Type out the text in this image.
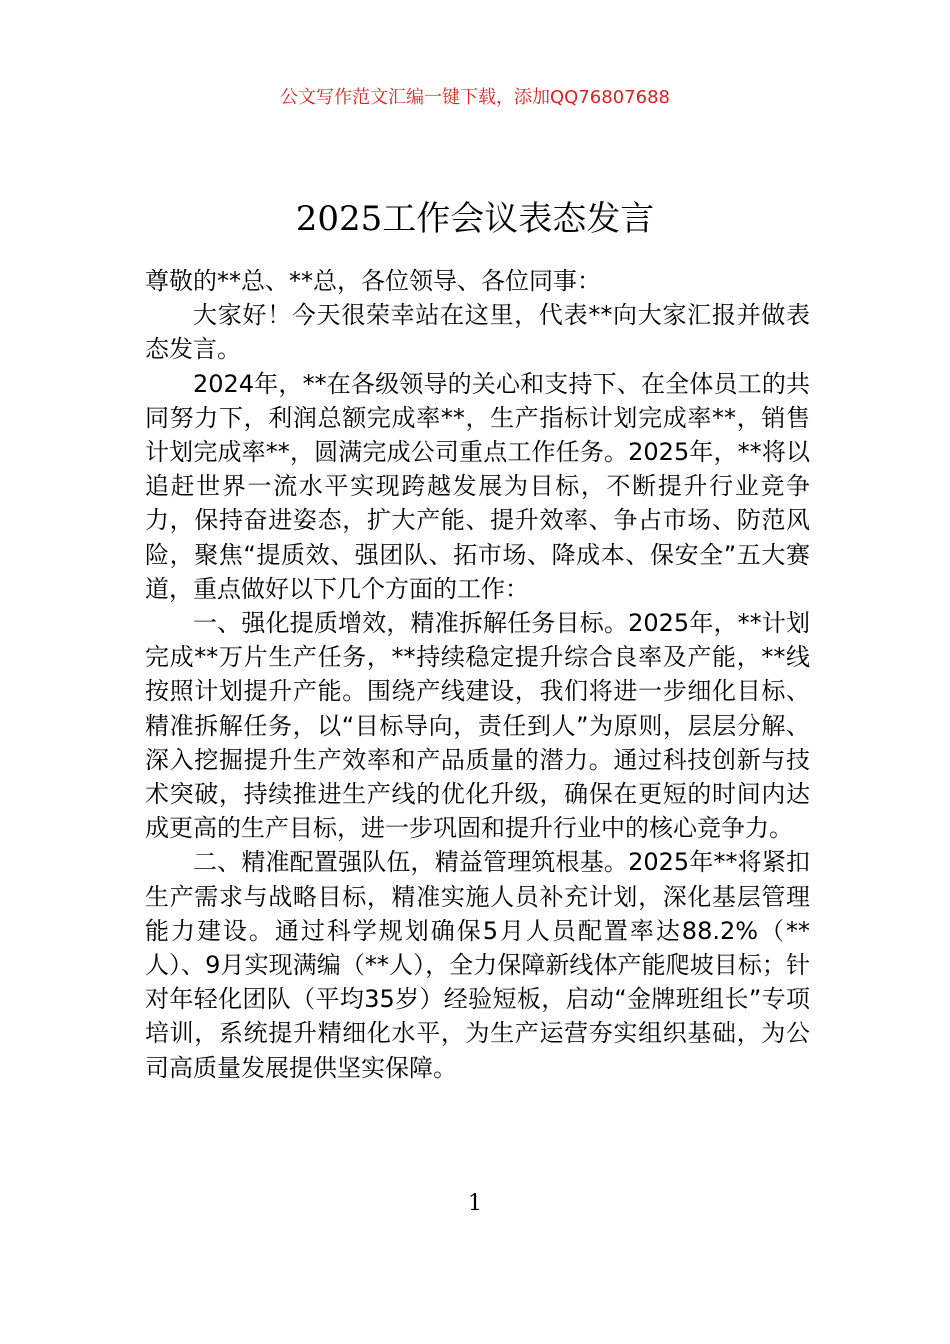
公文写作范文汇编一键下载，添加QQ76807688
2025工作会议表态发言

尊敬的**总、**总，各位领导、各位同事：

大家好！今天很荣幸站在这里，代表**向大家汇报并做表态发言。

2024年，**在各级领导的关心和支持下、在全体员工的共同努力下，利润总额完成率**，生产指标计划完成率**，销售计划完成率**，圆满完成公司重点工作任务。2025年，**将以追赶世界一流水平实现跨越发展为目标，不断提升行业竞争力，保持奋进姿态，扩大产能、提升效率、争占市场、防范风险，聚焦“提质效、强团队、拓市场、降成本、保安全”五大赛道，重点做好以下几个方面的工作：

一、强化提质增效，精准拆解任务目标。2025年，**计划完成**万片生产任务，**持续稳定提升综合良率及产能，**线按照计划提升产能。围绕产线建设，我们将进一步细化目标、精准拆解任务，以“目标导向，责任到人”为原则，层层分解、深入挖掘提升生产效率和产品质量的潜力。通过科技创新与技术突破，持续推进生产线的优化升级，确保在更短的时间内达成更高的生产目标，进一步巩固和提升行业中的核心竞争力。

二、精准配置强队伍，精益管理筑根基。2025年**将紧扣生产需求与战略目标，精准实施人员补充计划，深化基层管理能力建设。通过科学规划确保5月人员配置率达88.2%（**人）、9月实现满编（**人），全力保障新线体产能爬坡目标；针对年轻化团队（平均35岁）经验短板，启动“金牌班组长”专项培训，系统提升精细化水平，为生产运营夯实组织基础，为公司高质量发展提供坚实保障。

1
